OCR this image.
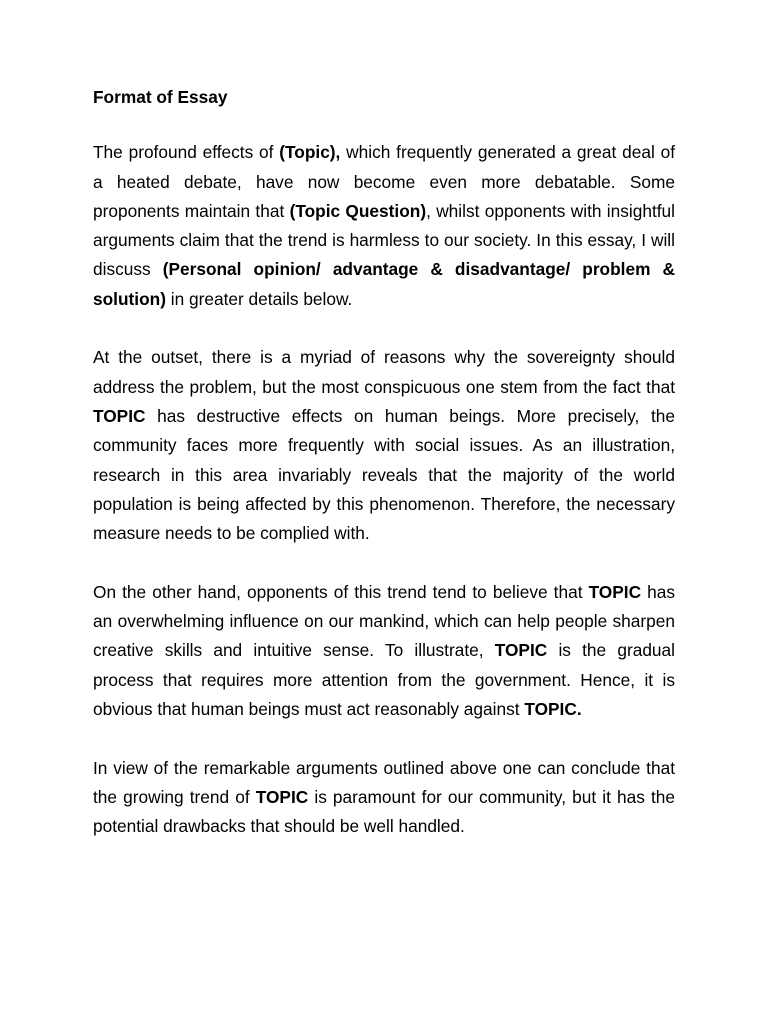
Format of Essay

The profound effects of (Topic), which frequently generated a great deal of a heated debate, have now become even more debatable. Some proponents maintain that (Topic Question), whilst opponents with insightful arguments claim that the trend is harmless to our society. In this essay, I will discuss (Personal opinion/ advantage & disadvantage/ problem & solution) in greater details below.

At the outset, there is a myriad of reasons why the sovereignty should address the problem, but the most conspicuous one stem from the fact that TOPIC has destructive effects on human beings. More precisely, the community faces more frequently with social issues. As an illustration, research in this area invariably reveals that the majority of the world population is being affected by this phenomenon. Therefore, the necessary measure needs to be complied with.

On the other hand, opponents of this trend tend to believe that TOPIC has an overwhelming influence on our mankind, which can help people sharpen creative skills and intuitive sense. To illustrate, TOPIC is the gradual process that requires more attention from the government. Hence, it is obvious that human beings must act reasonably against TOPIC.

In view of the remarkable arguments outlined above one can conclude that the growing trend of TOPIC is paramount for our community, but it has the potential drawbacks that should be well handled.
